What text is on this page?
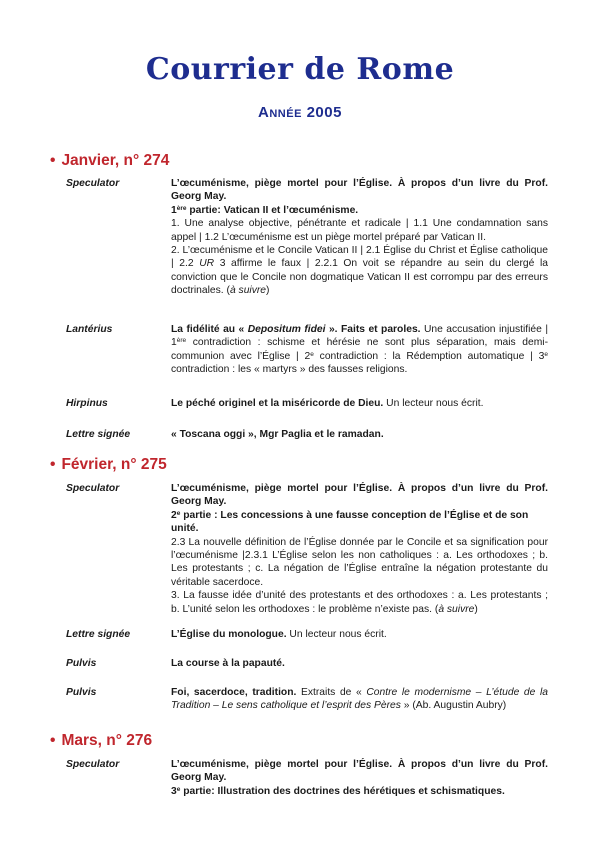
Courrier de Rome
Année 2005
• Janvier, n° 274
Speculator	L’œcuménisme, piège mortel pour l’Église. À propos d’un livre du Prof. Georg May.

1ère partie: Vatican II et l’œcuménisme.

1. Une analyse objective, pénétrante et radicale | 1.1 Une condamnation sans appel | 1.2 L’œcuménisme est un piège mortel préparé par Vatican II.

2. L’œcuménisme et le Concile Vatican II | 2.1 Église du Christ et Église catholique | 2.2 UR 3 affirme le faux | 2.2.1 On voit se répandre au sein du clergé la conviction que le Concile non dogmatique Vatican II est corrompu par des erreurs doctrinales. (à suivre)

Lantérius	La fidélité au « Depositum fidei ». Faits et paroles. Une accusation injustifiée | 1ère contradiction : schisme et hérésie ne sont plus séparation, mais demi-communion avec l’Église | 2e contradiction : la Rédemption automatique | 3e contradiction : les « martyrs » des fausses religions.

Hirpinus	Le péché originel et la miséricorde de Dieu. Un lecteur nous écrit.

Lettre signée	« Toscana oggi », Mgr Paglia et le ramadan.

• Février, n° 275
Speculator	L’œcuménisme, piège mortel pour l’Église. À propos d’un livre du Prof. Georg May.

2e partie : Les concessions à une fausse conception de l’Église et de son unité.

2.3 La nouvelle définition de l’Église donnée par le Concile et sa signification pour l’œcuménisme |2.3.1 L’Église selon les non catholiques : a. Les orthodoxes ; b. Les protestants ; c. La négation de l’Église entraîne la négation protestante du véritable sacerdoce.

3. La fausse idée d’unité des protestants et des orthodoxes : a. Les protestants ; b. L’unité selon les orthodoxes : le problème n’existe pas. (à suivre)

Lettre signée	L’Église du monologue. Un lecteur nous écrit.

Pulvis	La course à la papauté.

Pulvis	Foi, sacerdoce, tradition. Extraits de « Contre le modernisme – L’étude de la Tradition – Le sens catholique et l’esprit des Pères » (Ab. Augustin Aubry)

• Mars, n° 276
Speculator	L’œcuménisme, piège mortel pour l’Église. À propos d’un livre du Prof. Georg May.

3e partie: Illustration des doctrines des hérétiques et schismatiques.
